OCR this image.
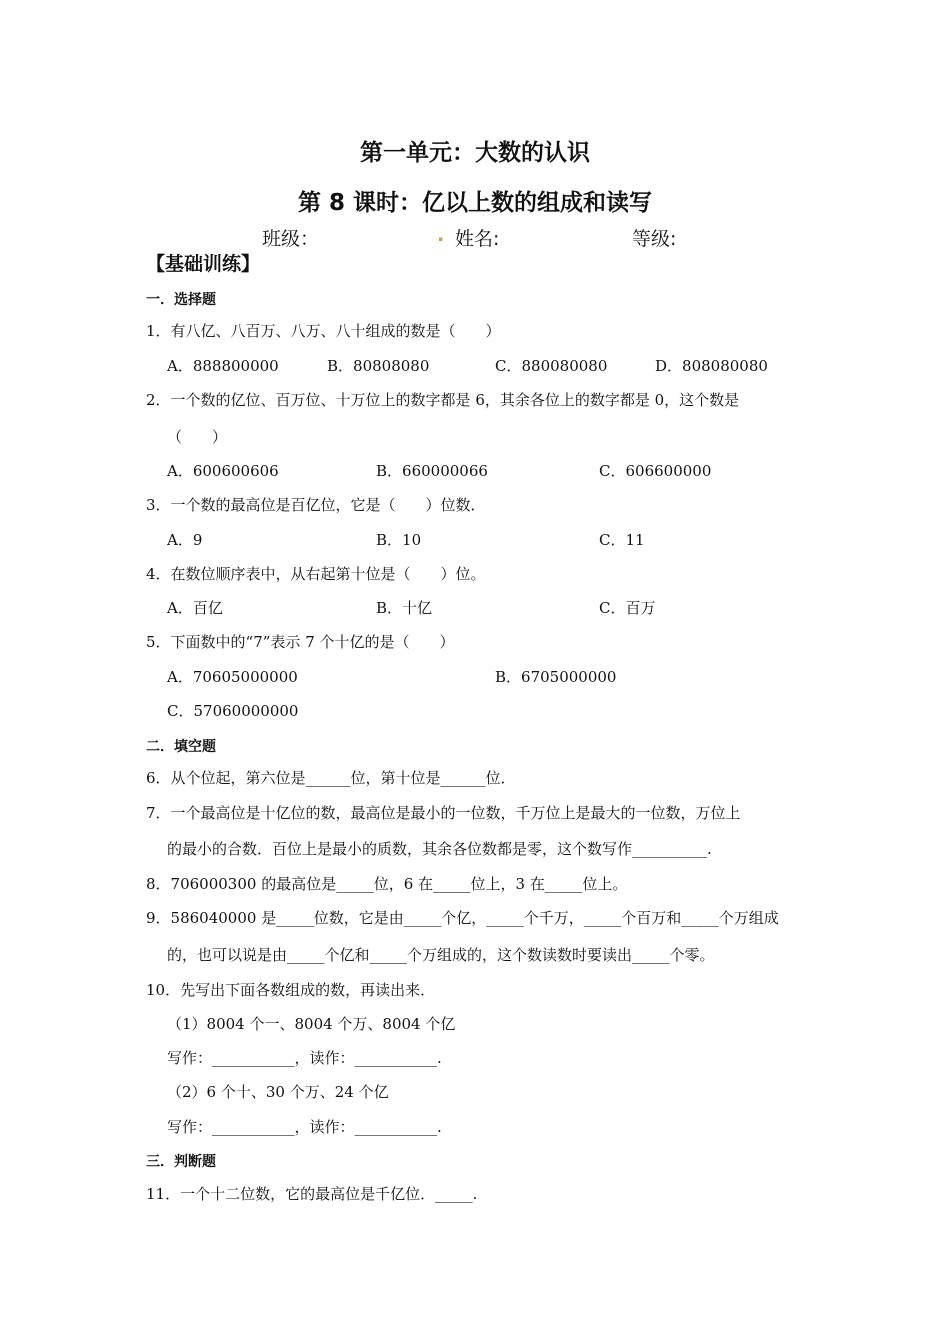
第一单元：大数的认识
第 8 课时：亿以上数的组成和读写
班级：	. 姓名:	等级:
【基础训练】
一．选择题
1．有八亿、八百万、八万、八十组成的数是（　　）
A．888800000	B．80808080	C．880080080	D．808080080
2．一个数的亿位、百万位、十万位上的数字都是 6，其余各位上的数字都是 0，这个数是
（　　）
A．600600606	B．660000066	C．606600000
3．一个数的最高位是百亿位，它是（　　）位数．
A．9	B．10	C．11
4．在数位顺序表中，从右起第十位是（　　）位。
A．百亿	B．十亿	C．百万
5．下面数中的“7”表示 7 个十亿的是（　　）
A．70605000000	B．6705000000
C．57060000000
二．填空题
6．从个位起，第六位是______位，第十位是______位．
7．一个最高位是十亿位的数，最高位是最小的一位数，千万位上是最大的一位数，万位上
的最小的合数．百位上是最小的质数，其余各位数都是零，这个数写作__________.
8．706000300 的最高位是_____位，6 在_____位上，3 在_____位上。
9．586040000 是_____位数，它是由_____个亿，_____个千万，_____个百万和_____个万组成
的，也可以说是由_____个亿和_____个万组成的，这个数读数时要读出_____个零。
10．先写出下面各数组成的数，再读出来．
（1）8004 个一、8004 个万、8004 个亿
写作：___________，读作：___________.
（2）6 个十、30 个万、24 个亿
写作：___________，读作：___________.
三．判断题
11．一个十二位数，它的最高位是千亿位．_____.
